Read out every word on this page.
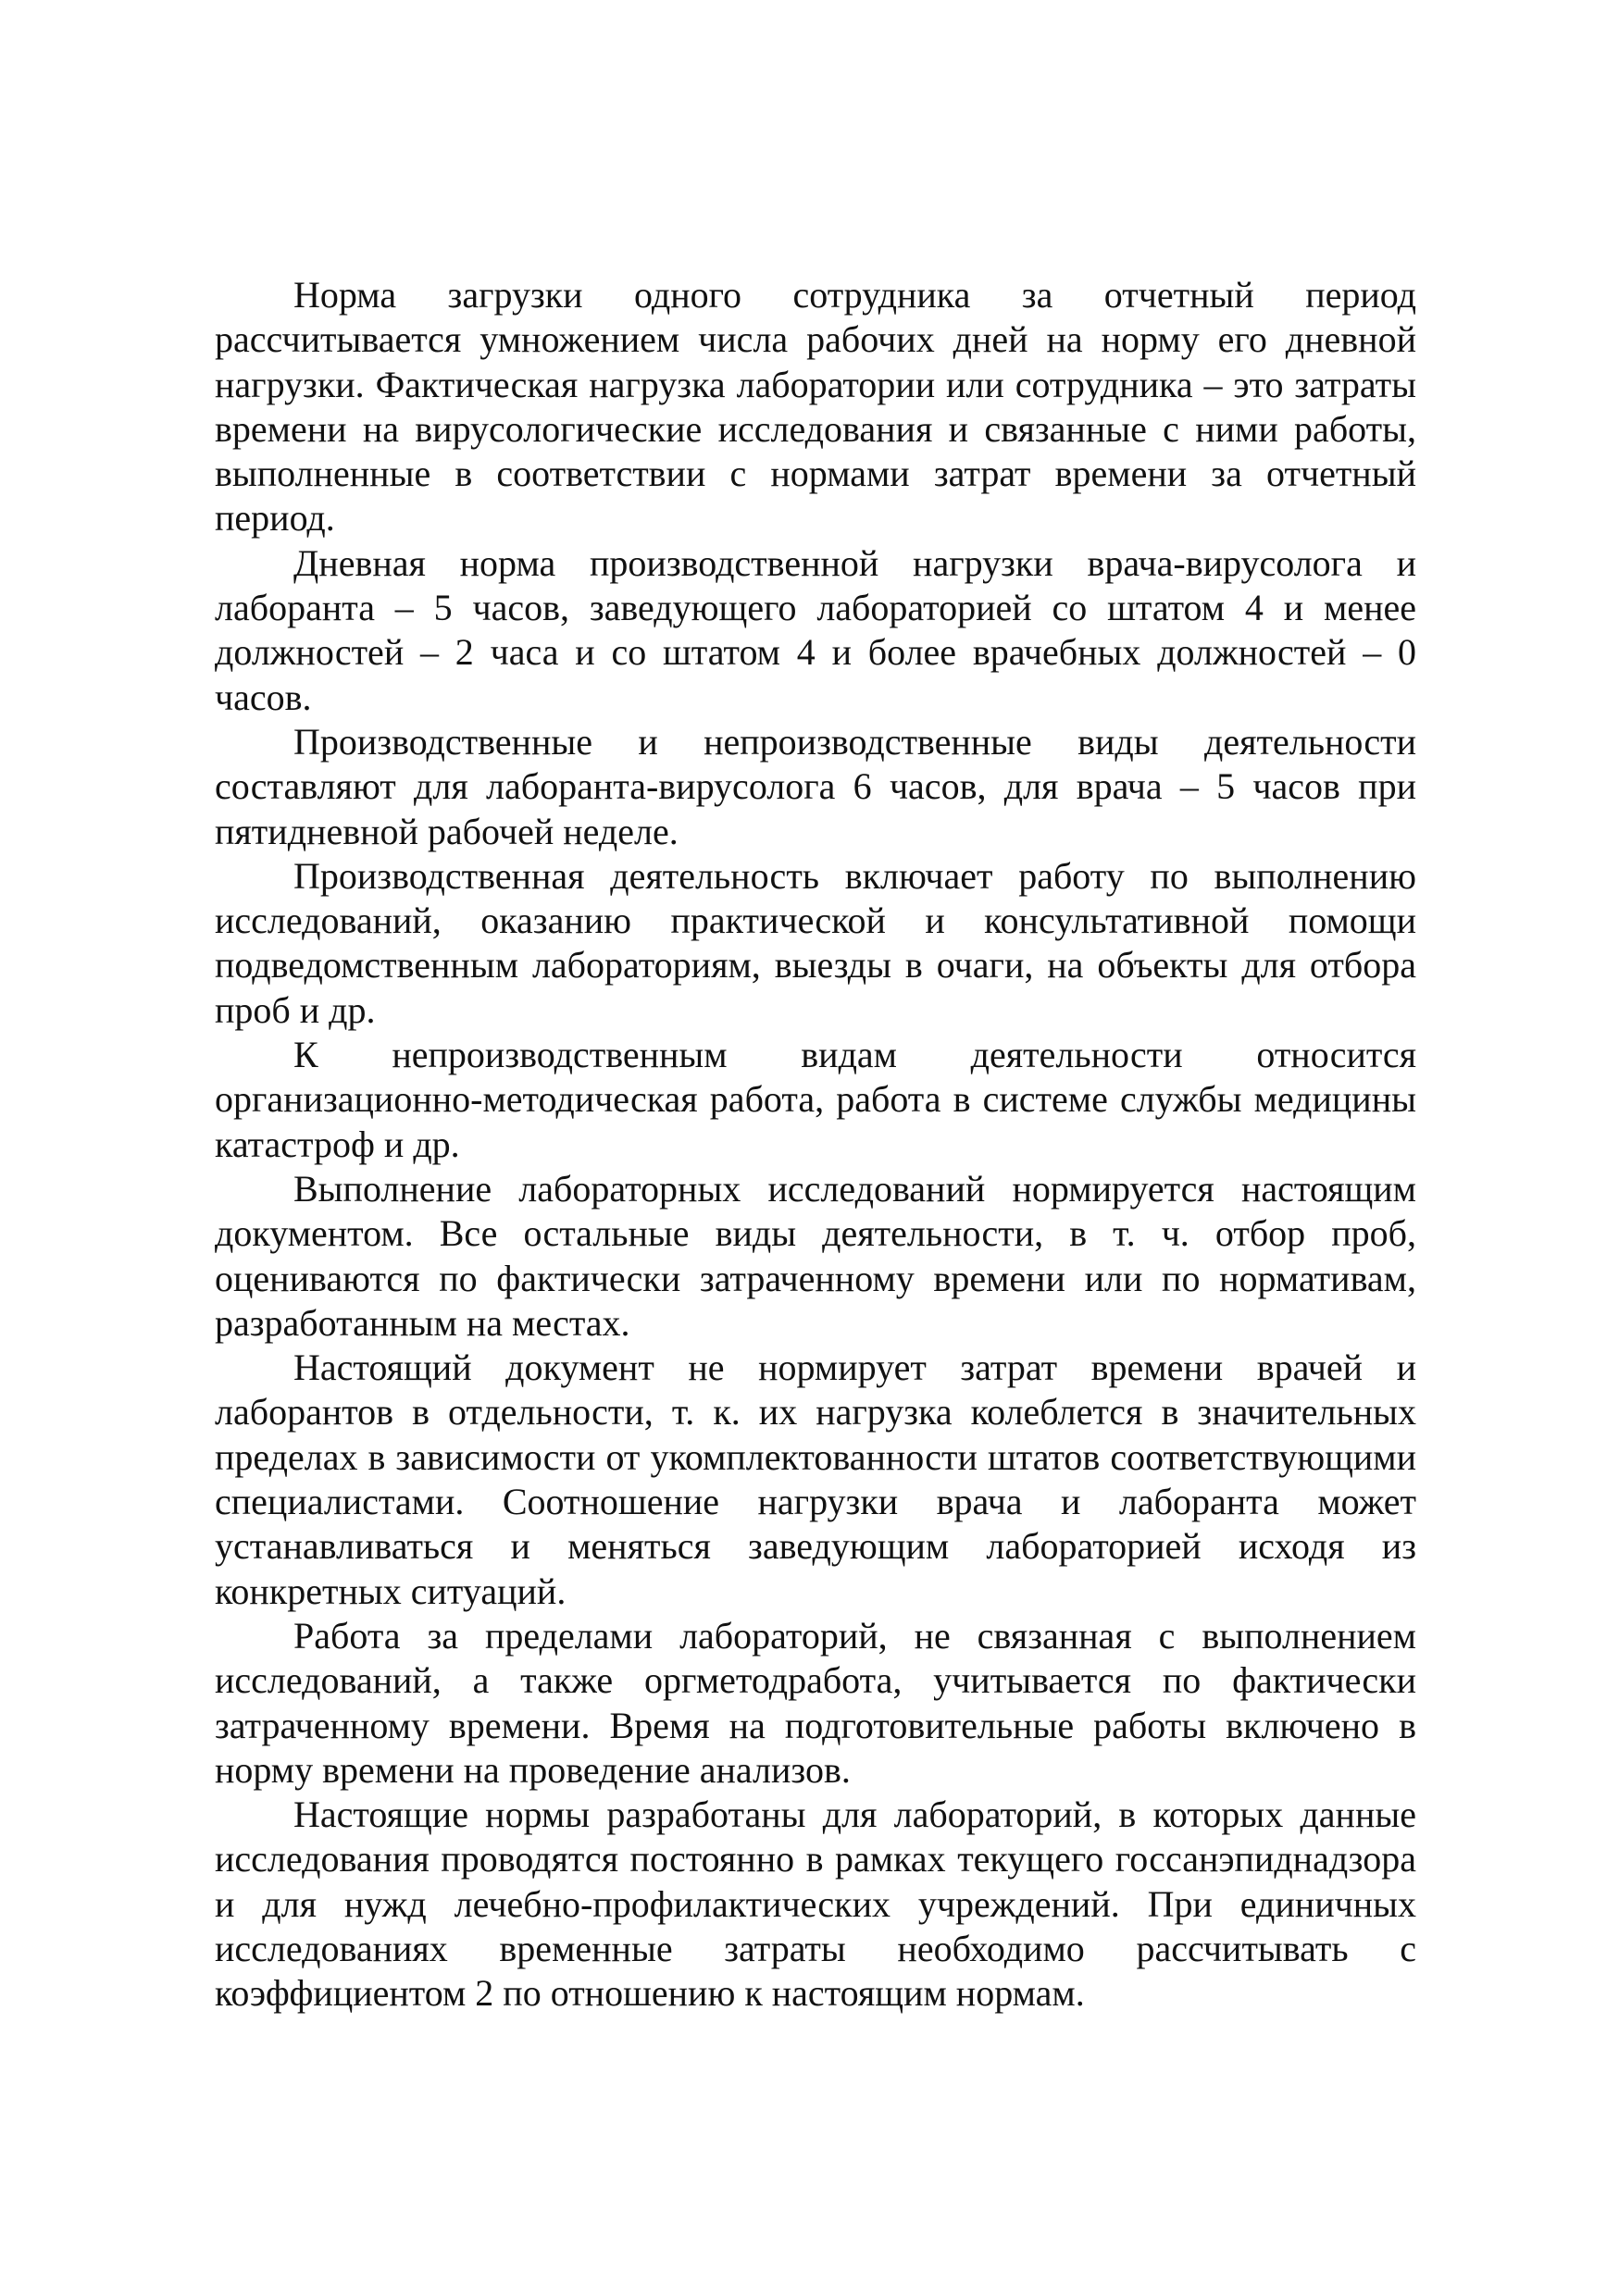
Норма загрузки одного сотрудника за отчетный период рассчитывается умножением числа рабочих дней на норму его дневной нагрузки. Фактическая нагрузка лаборатории или сотрудника – это затраты времени на вирусологические исследования и связанные с ними работы, выполненные в соответствии с нормами затрат времени за отчетный период.

Дневная норма производственной нагрузки врача-вирусолога и лаборанта – 5 часов, заведующего лабораторией со штатом 4 и менее должностей – 2 часа и со штатом 4 и более врачебных должностей – 0 часов.

Производственные и непроизводственные виды деятельности составляют для лаборанта-вирусолога 6 часов, для врача – 5 часов при пятидневной рабочей неделе.

Производственная деятельность включает работу по выполнению исследований, оказанию практической и консультативной помощи подведомственным лабораториям, выезды в очаги, на объекты для отбора проб и др.

К непроизводственным видам деятельности относится организационно-методическая работа, работа в системе службы медицины катастроф и др.

Выполнение лабораторных исследований нормируется настоящим документом. Все остальные виды деятельности, в т. ч. отбор проб, оцениваются по фактически затраченному времени или по нормативам, разработанным на местах.

Настоящий документ не нормирует затрат времени врачей и лаборантов в отдельности, т. к. их нагрузка колеблется в значительных пределах в зависимости от укомплектованности штатов соответствующими специалистами. Соотношение нагрузки врача и лаборанта может устанавливаться и меняться заведующим лабораторией исходя из конкретных ситуаций.

Работа за пределами лабораторий, не связанная с выполнением исследований, а также оргметодработа, учитывается по фактически затраченному времени. Время на подготовительные работы включено в норму времени на проведение анализов.

Настоящие нормы разработаны для лабораторий, в которых данные исследования проводятся постоянно в рамках текущего госсанэпиднадзора и для нужд лечебно-профилактических учреждений. При единичных исследованиях временные затраты необходимо рассчитывать с коэффициентом 2 по отношению к настоящим нормам.
